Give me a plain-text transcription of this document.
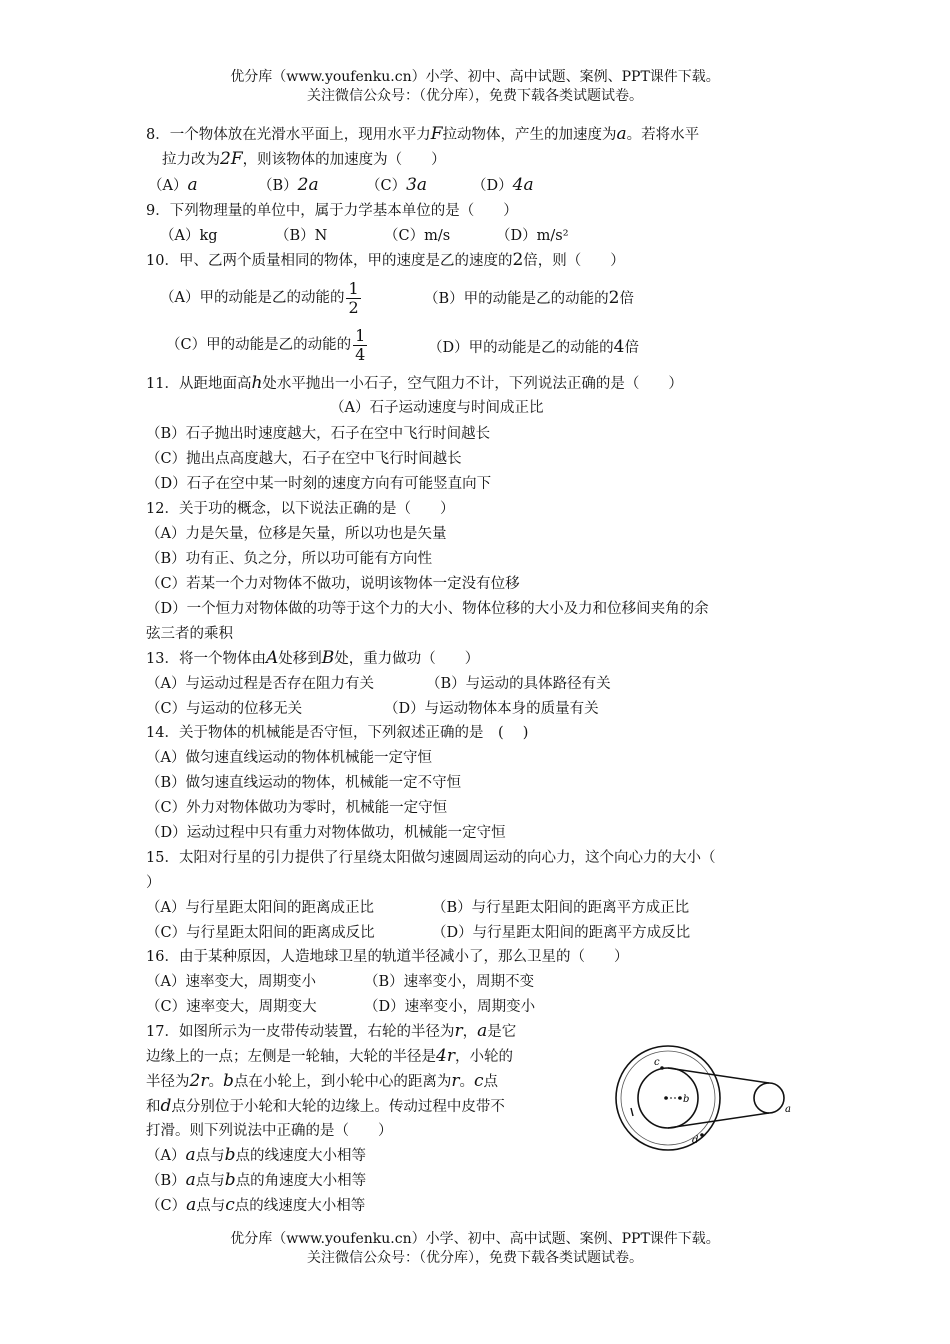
优分库（www.youfenku.cn）小学、初中、高中试题、案例、PPT课件下载。
关注微信公众号：（优分库），免费下载各类试题试卷。
8．一个物体放在光滑水平面上，现用水平力F拉动物体，产生的加速度为a。若将水平
拉力改为2F，则该物体的加速度为（　　）
（A）a	（B）2a	（C）3a	（D）4a
9．下列物理量的单位中，属于力学基本单位的是（　　）
（A）kg	（B）N	（C）m/s	（D）m/s²
10．甲、乙两个质量相同的物体，甲的速度是乙的速度的2倍，则（　　）
（A）甲的动能是乙的动能的 $\frac{1}{2}$	（B）甲的动能是乙的动能的2倍
（C）甲的动能是乙的动能的 $\frac{1}{4}$	（D）甲的动能是乙的动能的4倍
11．从距地面高h处水平抛出一小石子，空气阻力不计，下列说法正确的是（　　）
（A）石子运动速度与时间成正比
（B）石子抛出时速度越大，石子在空中飞行时间越长
（C）抛出点高度越大，石子在空中飞行时间越长
（D）石子在空中某一时刻的速度方向有可能竖直向下
12．关于功的概念，以下说法正确的是（　　）
（A）力是矢量，位移是矢量，所以功也是矢量
（B）功有正、负之分，所以功可能有方向性
（C）若某一个力对物体不做功，说明该物体一定没有位移
（D）一个恒力对物体做的功等于这个力的大小、物体位移的大小及力和位移间夹角的余
弦三者的乘积
13．将一个物体由A处移到B处，重力做功（　　）
（A）与运动过程是否存在阻力有关	（B）与运动的具体路径有关
（C）与运动的位移无关	（D）与运动物体本身的质量有关
14．关于物体的机械能是否守恒，下列叙述正确的是　( 　)
（A）做匀速直线运动的物体机械能一定守恒
（B）做匀速直线运动的物体，机械能一定不守恒
（C）外力对物体做功为零时，机械能一定守恒
（D）运动过程中只有重力对物体做功，机械能一定守恒
15．太阳对行星的引力提供了行星绕太阳做匀速圆周运动的向心力，这个向心力的大小（
）
（A）与行星距太阳间的距离成正比	（B）与行星距太阳间的距离平方成正比
（C）与行星距太阳间的距离成反比	（D）与行星距太阳间的距离平方成反比
16．由于某种原因，人造地球卫星的轨道半径减小了，那么卫星的（　　）
（A）速率变大，周期变小	（B）速率变小，周期不变
（C）速率变大，周期变大	（D）速率变小，周期变小
17．如图所示为一皮带传动装置，右轮的半径为r，a是它
边缘上的一点；左侧是一轮轴，大轮的半径是4r，小轮的
半径为2r。b点在小轮上，到小轮中心的距离为r。c点
和d点分别位于小轮和大轮的边缘上。传动过程中皮带不
打滑。则下列说法中正确的是（　　）
（A）a点与b点的线速度大小相等
（B）a点与b点的角速度大小相等
（C）a点与c点的线速度大小相等
c
b
d
a
优分库（www.youfenku.cn）小学、初中、高中试题、案例、PPT课件下载。
关注微信公众号：（优分库），免费下载各类试题试卷。
